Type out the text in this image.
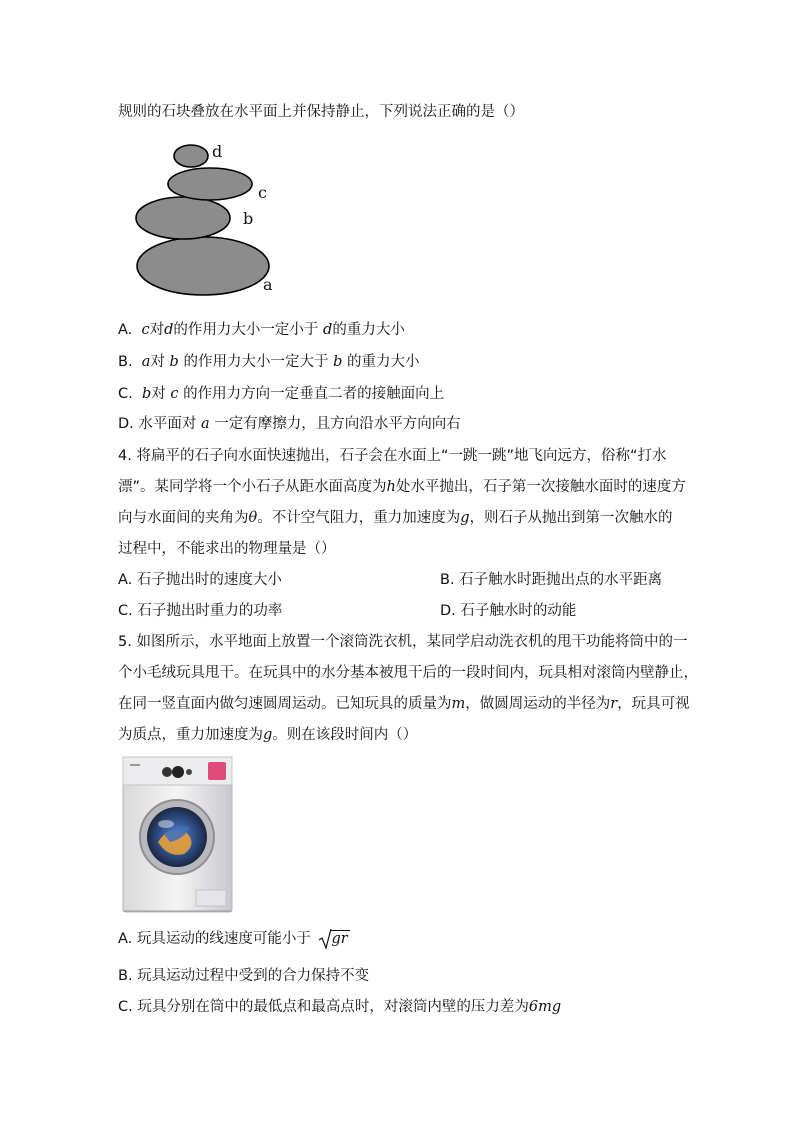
规则的石块叠放在水平面上并保持静止，下列说法正确的是（）
d
c
b
a
A.  c对d的作用力大小一定小于 d的重力大小
B.  a对 b 的作用力大小一定大于 b 的重力大小
C.  b对 c 的作用力方向一定垂直二者的接触面向上
D. 水平面对 a 一定有摩擦力，且方向沿水平方向向右
4. 将扁平的石子向水面快速抛出，石子会在水面上“一跳一跳”地飞向远方，俗称“打水
漂”。某同学将一个小石子从距水面高度为h处水平抛出，石子第一次接触水面时的速度方
向与水面间的夹角为θ。不计空气阻力，重力加速度为g，则石子从抛出到第一次触水的
过程中，不能求出的物理量是（）
A. 石子抛出时的速度大小	B. 石子触水时距抛出点的水平距离
C. 石子抛出时重力的功率	D. 石子触水时的动能
5. 如图所示，水平地面上放置一个滚筒洗衣机，某同学启动洗衣机的甩干功能将筒中的一
个小毛绒玩具甩干。在玩具中的水分基本被甩干后的一段时间内，玩具相对滚筒内壁静止，
在同一竖直面内做匀速圆周运动。已知玩具的质量为m，做圆周运动的半径为r，玩具可视
为质点，重力加速度为g。则在该段时间内（）
A. 玩具运动的线速度可能小于 gr
B. 玩具运动过程中受到的合力保持不变
C. 玩具分别在筒中的最低点和最高点时，对滚筒内壁的压力差为6mg
